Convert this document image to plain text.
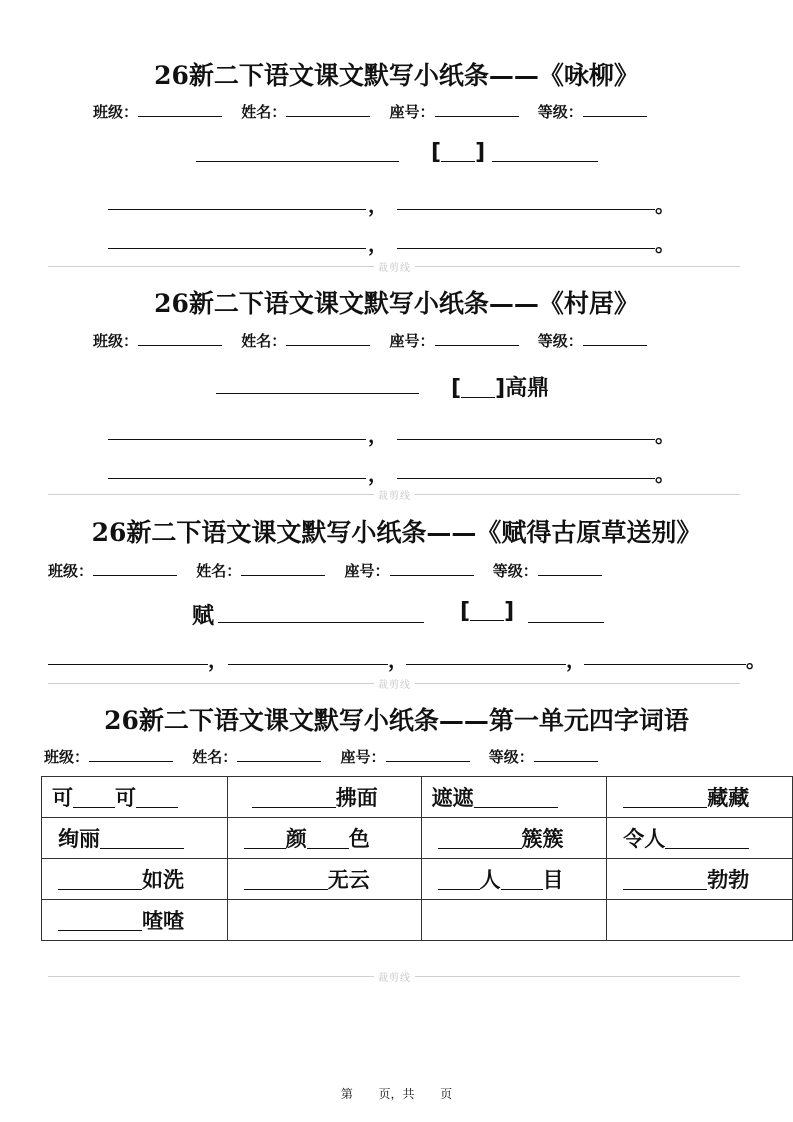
26新二下语文课文默写小纸条——《咏柳》
班级：	姓名：	座号：	等级：
[ ]
，	。
，	。
裁剪线
26新二下语文课文默写小纸条——《村居》
班级：	姓名：	座号：	等级：
[ ]高鼎
，	。
，	。
裁剪线
26新二下语文课文默写小纸条——《赋得古原草送别》
班级：	姓名：	座号：	等级：
赋	[ ]
，	，	，	。
裁剪线
26新二下语文课文默写小纸条——第一单元四字词语
班级：	姓名：	座号：	等级：
可 可	拂面	遮遮	藏藏
绚丽	颜 色	簇簇	令人
如洗	无云	人 目	勃勃
喳喳			
裁剪线
第 页，共 页
